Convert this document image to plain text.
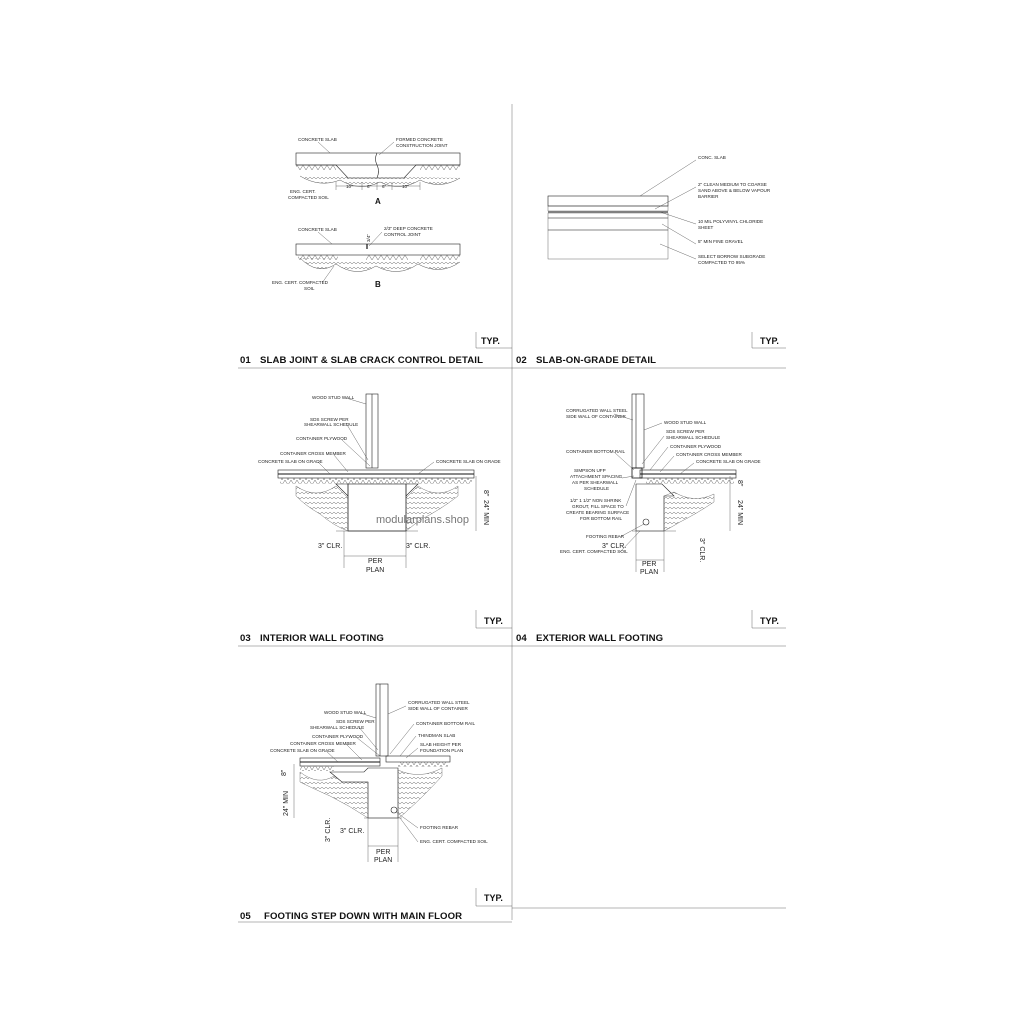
CONCRETE SLAB	FORMED CONCRETE
CONSTRUCTION JOINT
ENG. CERT.
COMPACTED SOIL
10"	6" 6"	10"
A
CONCRETE SLAB
3/4"
2/3" DEEP CONCRETE
CONTROL JOINT
ENG. CERT. COMPACTED
SOIL	B
TYP.
01 SLAB JOINT & SLAB CRACK CONTROL DETAIL
CONC. SLAB
2" CLEAN MEDIUM TO COARSE
SAND ABOVE & BELOW VAPOUR
BARRIER
10 MIL POLYVINYL CHLORIDE
SHEET
5" MIN FINE GRAVEL
SELECT BORROW SUBGRADE
COMPACTED TO 95%
TYP.
02 SLAB-ON-GRADE DETAIL
8"
24" MIN
3" CLR.	3" CLR.
PER
PLAN
WOOD STUD WALL
SDS SCREW PER
SHEARWALL SCHEDULE
CONTAINER PLYWOOD
CONTAINER CROSS MEMBER
CONCRETE SLAB ON GRADE	CONCRETE SLAB ON GRADE
modularplans.shop
TYP.
03 INTERIOR WALL FOOTING
8"
24" MIN
3" CLR.	3" CLR.
PER
PLAN
CORRUGATED WALL STEEL
SIDE WALL OF CONTAINER
WOOD STUD WALL
SDS SCREW PER
SHEARWALL SCHEDULE
CONTAINER BOTTOM RAIL
CONTAINER PLYWOOD
CONTAINER CROSS MEMBER
CONCRETE SLAB ON GRADE
SIMPSON UFP
ATTACHMENT SPACING
AS PER SHEARWALL
SCHEDULE
1/2" 1 1/2" NON SHRINK
GROUT, FILL SPACE TO
CREATE BEARING SURFACE
FOR BOTTOM RAIL
FOOTING REBAR
ENG. CERT. COMPACTED SOIL
TYP.
04 EXTERIOR WALL FOOTING
8"
24" MIN
3" CLR. 3" CLR.
PER
PLAN
WOOD STUD WALL
SDS SCREW PER
SHEARWALL SCHEDULE
CONTAINER PLYWOOD
CONTAINER CROSS MEMBER
CONCRETE SLAB ON GRADE
CORRUGATED WALL STEEL
SIDE WALL OF CONTAINER
CONTAINER BOTTOM RAIL
THINDMAN SLAB
SLAB HEIGHT PER
FOUNDATION PLAN
FOOTING REBAR
ENG. CERT. COMPACTED SOIL
TYP.
05 FOOTING STEP DOWN WITH MAIN FLOOR
